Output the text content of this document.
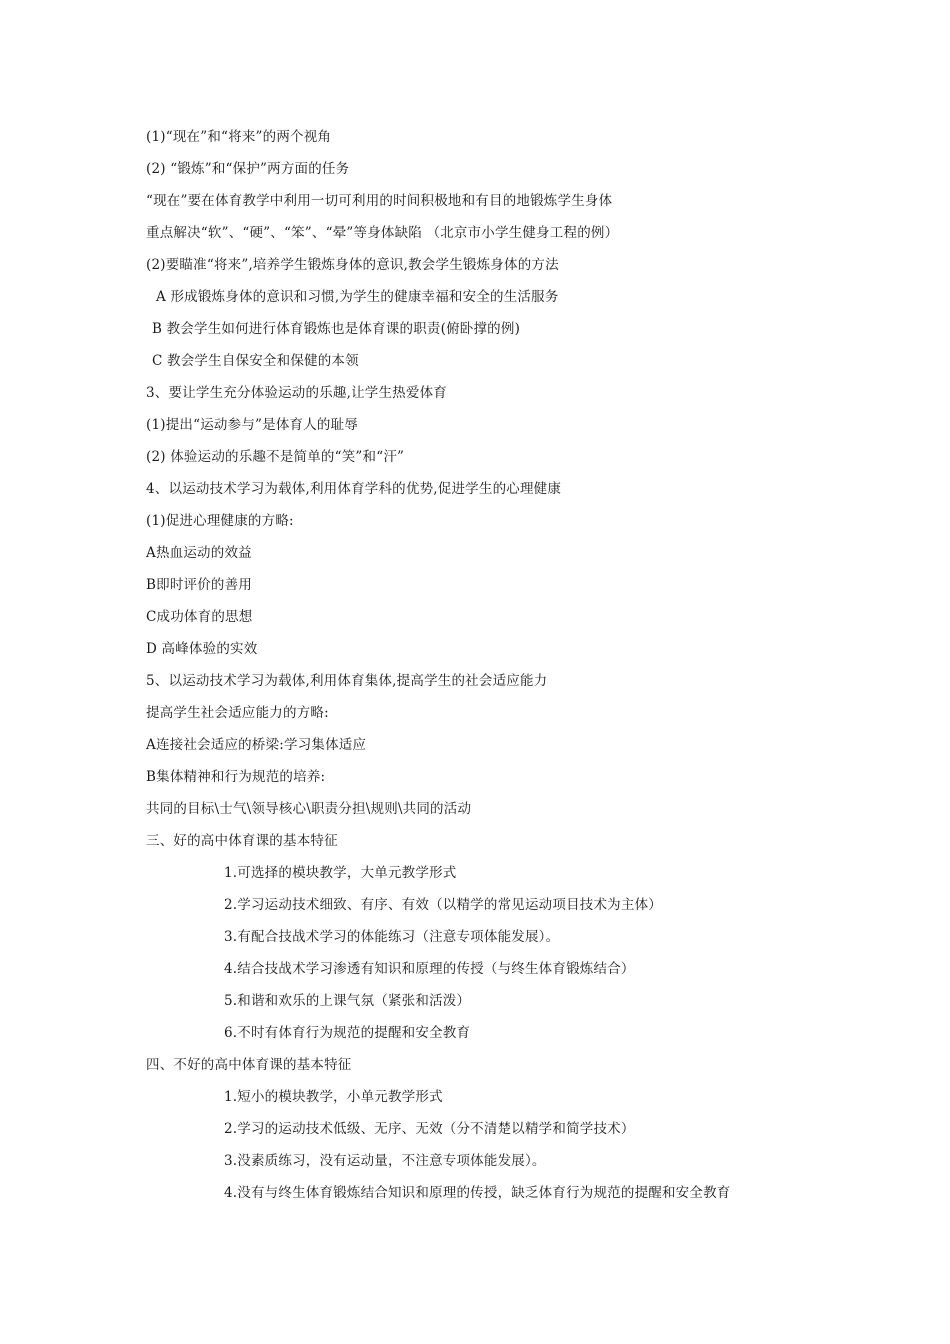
(1)“现在”和“将来”的两个视角
(2) “锻炼”和“保护”两方面的任务
“现在”要在体育教学中利用一切可利用的时间积极地和有目的地锻炼学生身体
重点解决“软”、“硬”、“笨”、“晕”等身体缺陷 （北京市小学生健身工程的例）
(2)要瞄准“将来”,培养学生锻炼身体的意识,教会学生锻炼身体的方法
A 形成锻炼身体的意识和习惯,为学生的健康幸福和安全的生活服务
B 教会学生如何进行体育锻炼也是体育课的职责(俯卧撑的例)
C 教会学生自保安全和保健的本领
3、要让学生充分体验运动的乐趣,让学生热爱体育
(1)提出“运动参与”是体育人的耻辱
(2) 体验运动的乐趣不是简单的“笑”和“汗”
4、以运动技术学习为载体,利用体育学科的优势,促进学生的心理健康
(1)促进心理健康的方略:
A热血运动的效益
B即时评价的善用
C成功体育的思想
D 高峰体验的实效
5、以运动技术学习为载体,利用体育集体,提高学生的社会适应能力
提高学生社会适应能力的方略:
A连接社会适应的桥梁:学习集体适应
B集体精神和行为规范的培养:
共同的目标\士气\领导核心\职责分担\规则\共同的活动
三、好的高中体育课的基本特征
1.可选择的模块教学，大单元教学形式
2.学习运动技术细致、有序、有效（以精学的常见运动项目技术为主体）
3.有配合技战术学习的体能练习（注意专项体能发展）。
4.结合技战术学习渗透有知识和原理的传授（与终生体育锻炼结合）
5.和谐和欢乐的上课气氛（紧张和活泼）
6.不时有体育行为规范的提醒和安全教育
四、不好的高中体育课的基本特征
1.短小的模块教学，小单元教学形式
2.学习的运动技术低级、无序、无效（分不清楚以精学和简学技术）
3.没素质练习，没有运动量，不注意专项体能发展）。
4.没有与终生体育锻炼结合知识和原理的传授，缺乏体育行为规范的提醒和安全教育
